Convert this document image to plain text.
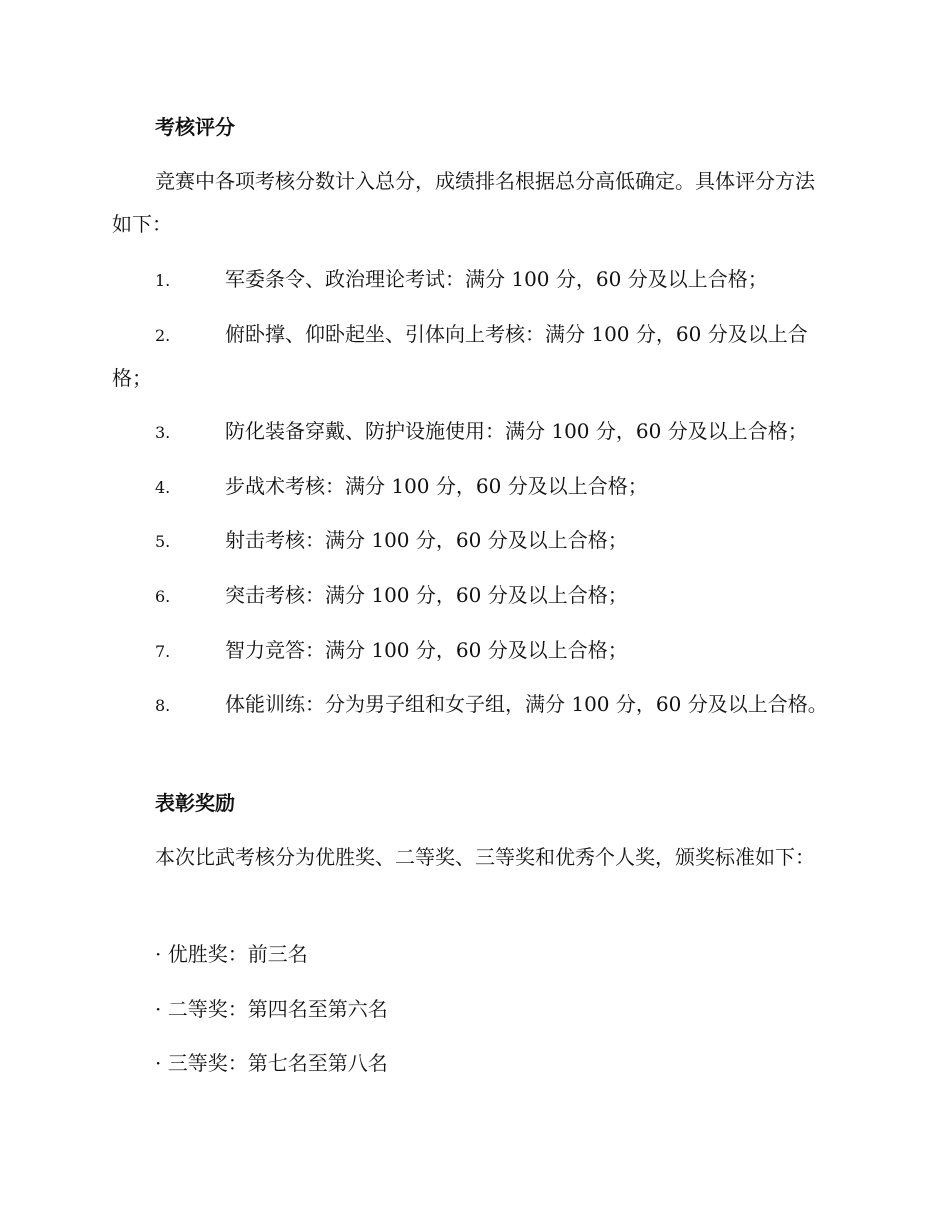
考核评分
竞赛中各项考核分数计入总分，成绩排名根据总分高低确定。具体评分方法如下：
1.	军委条令、政治理论考试：满分 100 分，60 分及以上合格；
2.	俯卧撑、仰卧起坐、引体向上考核：满分 100 分，60 分及以上合格；
3.	防化装备穿戴、防护设施使用：满分 100 分，60 分及以上合格；
4.	步战术考核：满分 100 分，60 分及以上合格；
5.	射击考核：满分 100 分，60 分及以上合格；
6.	突击考核：满分 100 分，60 分及以上合格；
7.	智力竞答：满分 100 分，60 分及以上合格；
8.	体能训练：分为男子组和女子组，满分 100 分，60 分及以上合格。
表彰奖励
本次比武考核分为优胜奖、二等奖、三等奖和优秀个人奖，颁奖标准如下：
· 优胜奖：前三名
· 二等奖：第四名至第六名
· 三等奖：第七名至第八名
